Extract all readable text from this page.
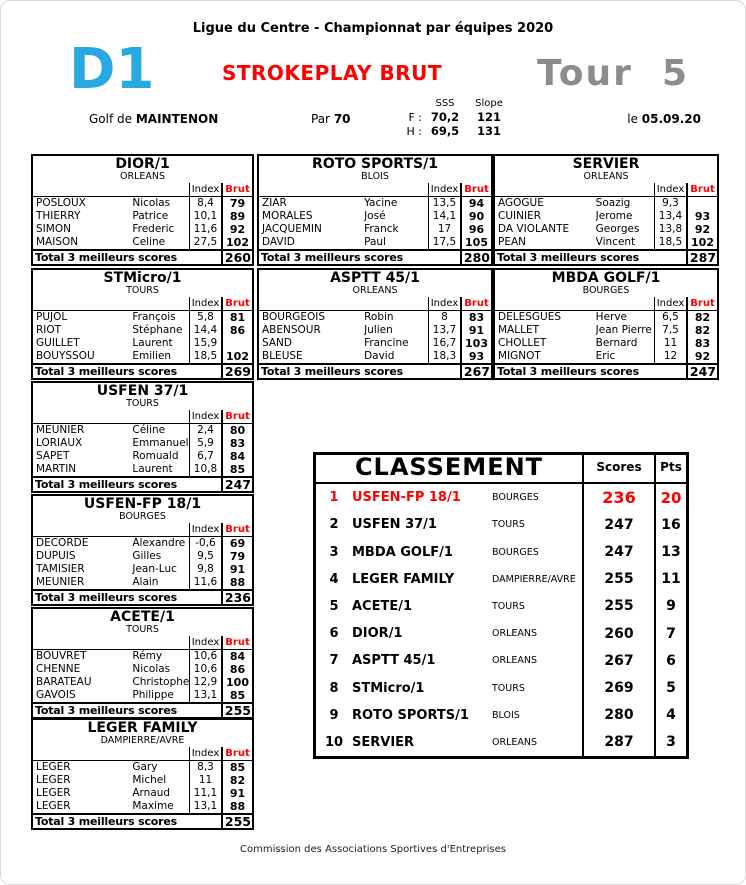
Ligue du Centre - Championnat par équipes 2020
D1	STROKEPLAY BRUT	Tour  5
Golf de MAINTENON	Par 70	le 05.09.20
SSS	Slope
F : 70,2	121
H : 69,5	131
DIOR/1
ORLEANS
Index Brut
POSLOUX	Nicolas	8,4	79
THIERRY	Patrice	10,1	89
SIMON	Frederic	11,6	92
MAISON	Celine	27,5 102
Total 3 meilleurs scores	260
STMicro/1
TOURS
Index Brut
PUJOL	François	5,8	81
RIOT	Stéphane	14,4	86
GUILLET	Laurent	15,9
BOUYSSOU	Emilien	18,5 102
Total 3 meilleurs scores	269
USFEN 37/1
TOURS
Index Brut
MEUNIER	Céline	2,4	80
LORIAUX	Emmanuel 5,9	83
SAPET	Romuald	6,7	84
MARTIN	Laurent	10,8	85
Total 3 meilleurs scores	247
USFEN-FP 18/1
BOURGES
Index Brut
DECORDE	Alexandre -0,6	69
DUPUIS	Gilles	9,5	79
TAMISIER	Jean-Luc	9,8	91
MEUNIER	Alain	11,6	88
Total 3 meilleurs scores	236
ACETE/1
TOURS
Index Brut
BOUVRET	Rémy	10,6	84
CHENNE	Nicolas	10,6	86
BARATEAU	Christophe 12,9 100
GAVOIS	Philippe	13,1	85
Total 3 meilleurs scores	255
LEGER FAMILY
DAMPIERRE/AVRE
Index Brut
LEGER	Gary	8,3	85
LEGER	Michel	11	82
LEGER	Arnaud	11,1	91
LEGER	Maxime	13,1	88
Total 3 meilleurs scores	255
ROTO SPORTS/1
BLOIS
Index Brut
ZIAR	Yacine	13,5	94
MORALES	José	14,1	90
JACQUEMIN	Franck	17	96
DAVID	Paul	17,5 105
Total 3 meilleurs scores	280
ASPTT 45/1
ORLEANS
Index Brut
BOURGEOIS	Robin	8	83
ABENSOUR	Julien	13,7	91
SAND	Francine	16,7 103
BLEUSE	David	18,3	93
Total 3 meilleurs scores	267
SERVIER
ORLEANS
Index Brut
AGOGUE	Soazig	9,3
CUINIER	Jerome	13,4	93
DA VIOLANTE	Georges	13,8	92
PEAN	Vincent	18,5 102
Total 3 meilleurs scores	287
MBDA GOLF/1
BOURGES
Index Brut
DELESGUES	Herve	6,5	82
MALLET	Jean Pierre 7,5	82
CHOLLET	Bernard	11	83
MIGNOT	Eric	12	92
Total 3 meilleurs scores	247
CLASSEMENT	Scores	Pts
1	USFEN-FP 18/1	BOURGES	236	20
2	USFEN 37/1	TOURS	247	16
3	MBDA GOLF/1	BOURGES	247	13
4	LEGER FAMILY	DAMPIERRE/AVRE	255	11
5	ACETE/1	TOURS	255	9
6	DIOR/1	ORLEANS	260	7
7	ASPTT 45/1	ORLEANS	267	6
8	STMicro/1	TOURS	269	5
9	ROTO SPORTS/1	BLOIS	280	4
10 SERVIER	ORLEANS	287	3
Commission des Associations Sportives d'Entreprises
